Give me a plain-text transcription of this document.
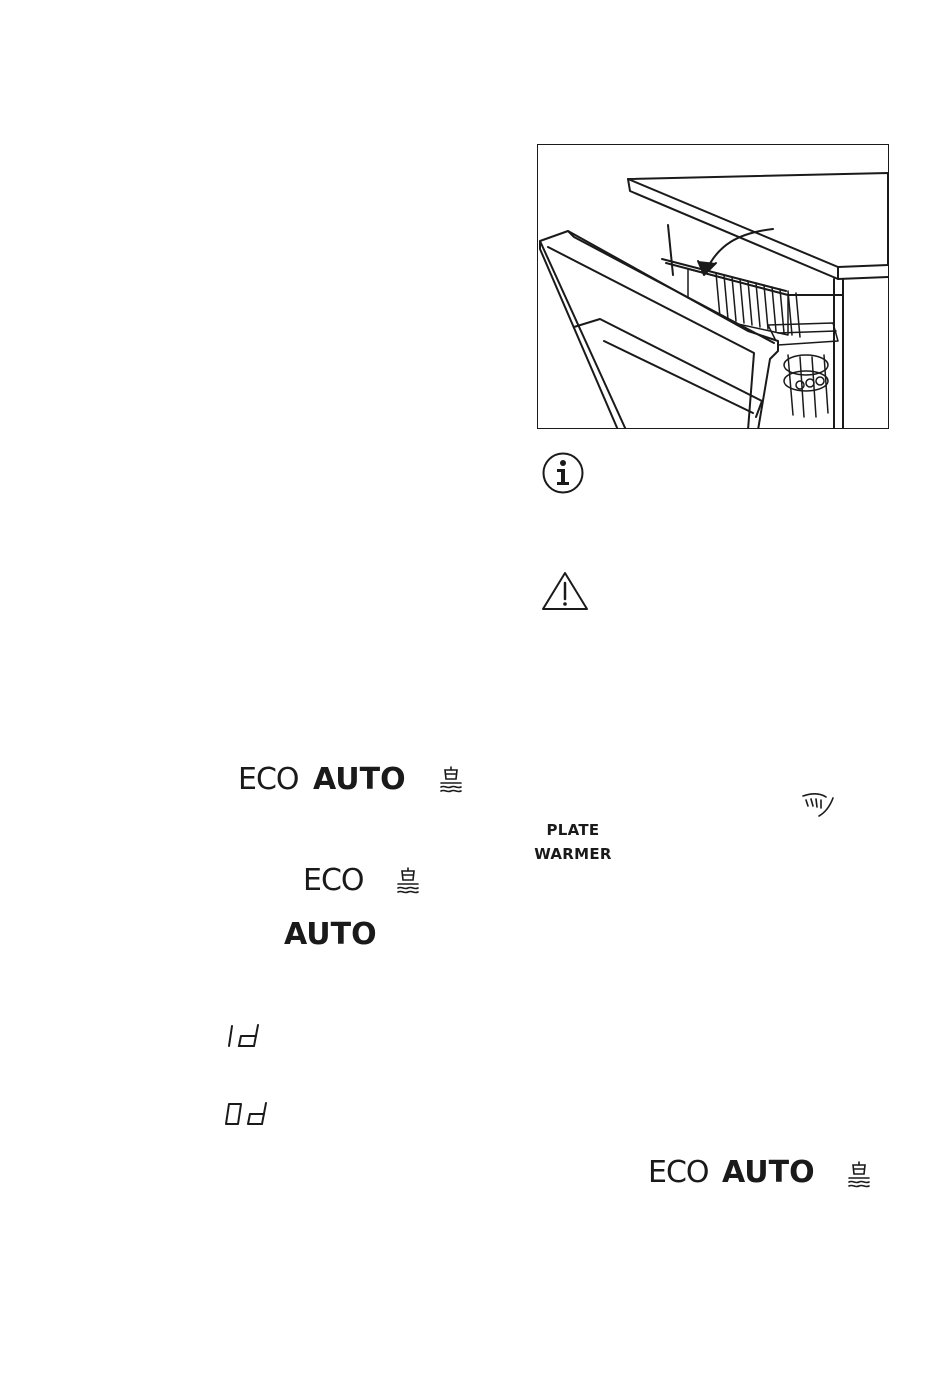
ECO AUTO
PLATE
WARMER
ECO
AUTO
ECO AUTO
